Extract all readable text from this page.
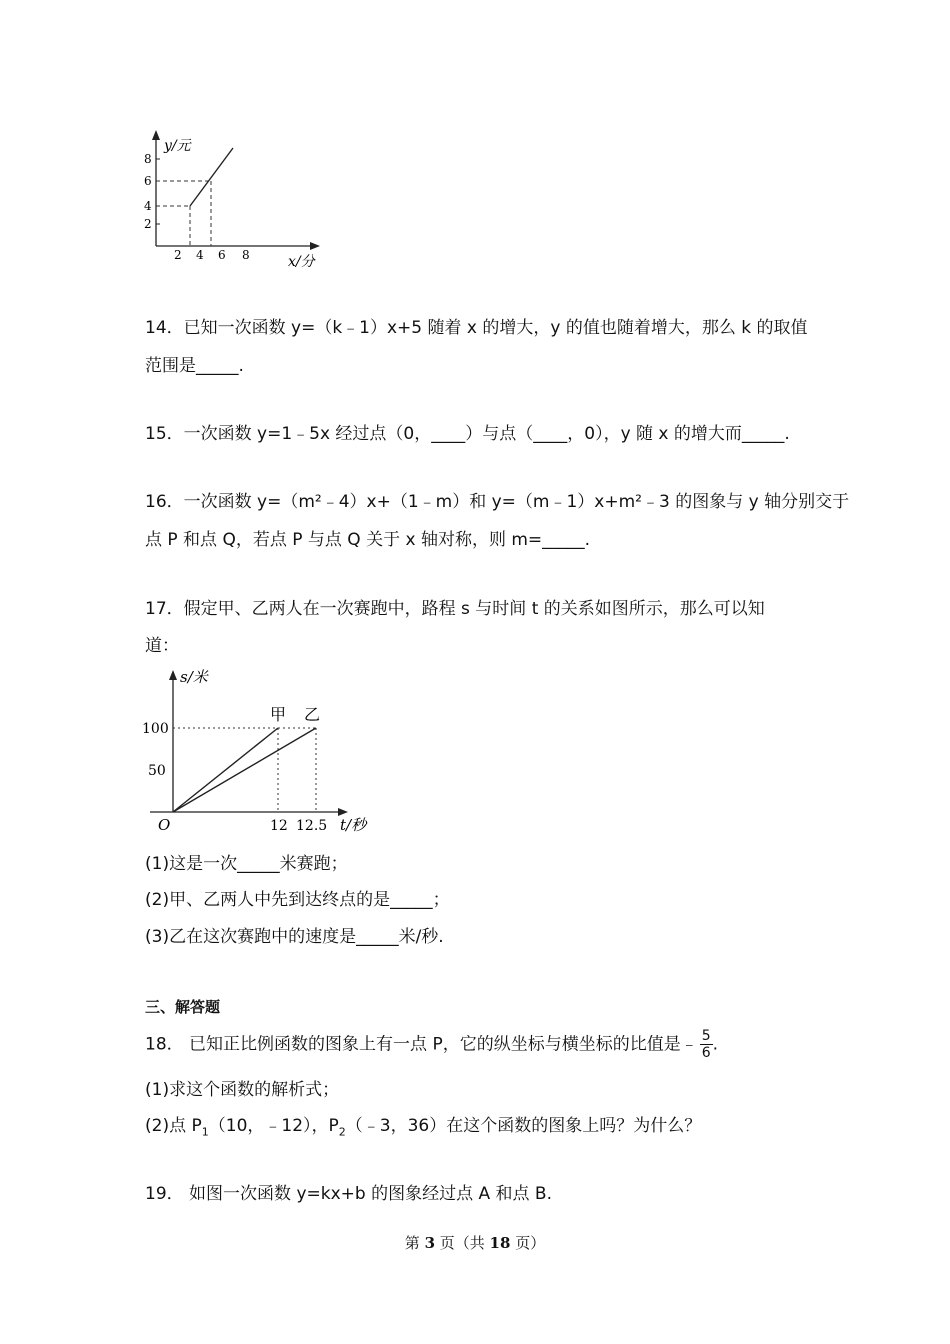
8
6
4
2
2 4 6 8
y/元
x/分
14．已知一次函数 y=（k﹣1）x+5 随着 x 的增大，y 的值也随着增大，那么 k 的取值
范围是_____.
15．一次函数 y=1﹣5x 经过点（0，____）与点（____，0），y 随 x 的增大而_____.
16．一次函数 y=（m²﹣4）x+（1﹣m）和 y=（m﹣1）x+m²﹣3 的图象与 y 轴分别交于
点 P 和点 Q，若点 P 与点 Q 关于 x 轴对称，则 m=_____.
17．假定甲、乙两人在一次赛跑中，路程 s 与时间 t 的关系如图所示，那么可以知
道：
s/米
100
50
O	12 12.5 t/秒
甲 乙
(1)这是一次_____米赛跑；
(2)甲、乙两人中先到达终点的是_____；
(3)乙在这次赛跑中的速度是_____米/秒.
三、解答题
18． 已知正比例函数的图象上有一点 P，它的纵坐标与横坐标的比值是﹣ $\frac{5}{6}$ .
(1)求这个函数的解析式；
(2)点 $P_1(10$，﹣12），$P_2(﹣3$，36）在这个函数的图象上吗？为什么？
19． 如图一次函数 y=kx+b 的图象经过点 A 和点 B.
第 3 页（共 18 页）
